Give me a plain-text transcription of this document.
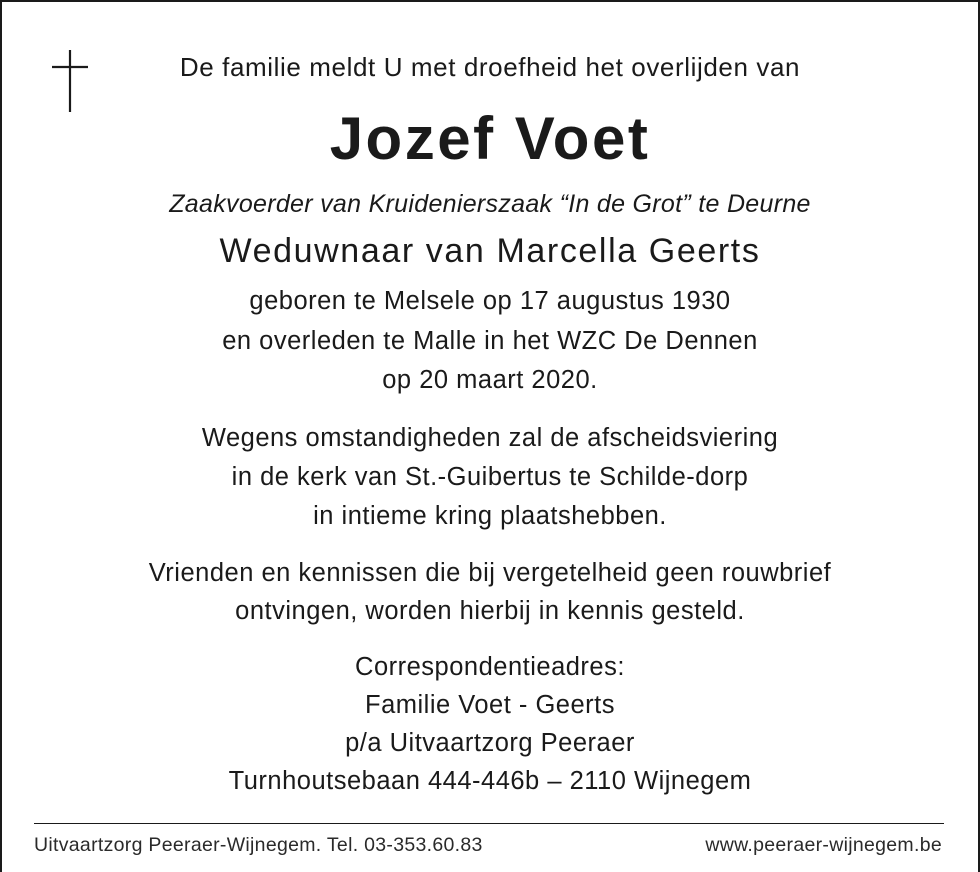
De familie meldt U met droefheid het overlijden van
Jozef Voet
Zaakvoerder van Kruidenierszaak “In de Grot” te Deurne
Weduwnaar van Marcella Geerts
geboren te Melsele op 17 augustus 1930
en overleden te Malle in het WZC De Dennen
op 20 maart 2020.
Wegens omstandigheden zal de afscheidsviering
in de kerk van St.-Guibertus te Schilde-dorp
in intieme kring plaatshebben.
Vrienden en kennissen die bij vergetelheid geen rouwbrief
ontvingen, worden hierbij in kennis gesteld.
Correspondentieadres:
Familie Voet - Geerts
p/a Uitvaartzorg Peeraer
Turnhoutsebaan 444-446b – 2110 Wijnegem
Uitvaartzorg Peeraer-Wijnegem. Tel. 03-353.60.83	www.peeraer-wijnegem.be
